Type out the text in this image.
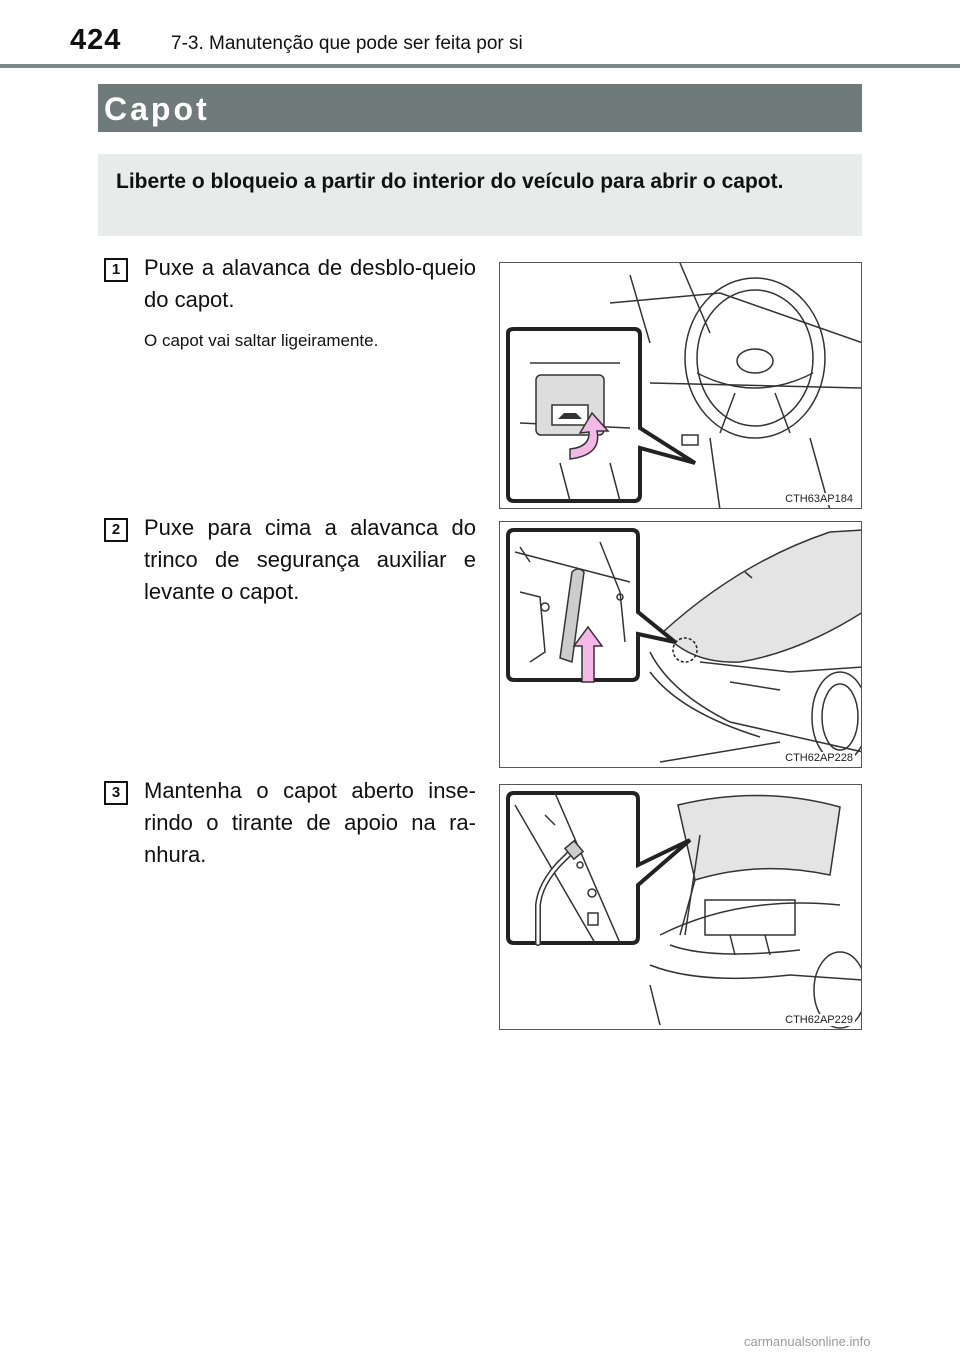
424	7-3. Manutenção que pode ser feita por si
Capot
Liberte o bloqueio a partir do interior do veículo para abrir o capot.
1	Puxe a alavanca de desblo-queio do capot.
O capot vai saltar ligeiramente.
CTH63AP184
2	Puxe para cima a alavanca do trinco de segurança auxiliar e levante o capot.
CTH62AP228
3	Mantenha o capot aberto inse-rindo o tirante de apoio na ra-nhura.
CTH62AP229
carmanualsonline.info
